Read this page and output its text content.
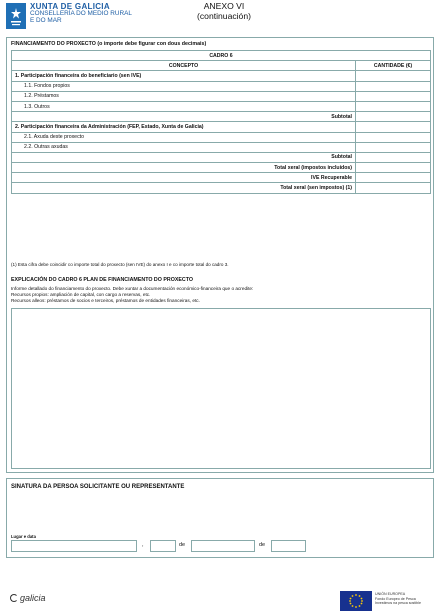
XUNTA DE GALICIA
CONSELLERÍA DO MEDIO RURAL
E DO MAR
ANEXO VI
(continuación)
FINANCIAMENTO DO PROXECTO (o importe debe figurar con dous decimais)
CADRO 6	
CONCEPTO	CANTIDADE (€)
1. Participación financeira do beneficiario (sen IVE)	
1.1. Fondos propios	
1.2. Préstamos	
1.3. Outros	
Subtotal	
2. Participación financeira da Administración (FEP, Estado, Xunta de Galicia)	
2.1. Axuda deste proxecto	
2.2. Outras axudas	
Subtotal	
Total xeral (impostos incluídos)	
IVE Recuperable	
Total xeral (sen impostos) (1)	
(1) Esta cifra debe coincidir co importe total do proxecto (sen IVE) do anexo I e co importe total do cadro 3.
EXPLICACIÓN DO CADRO 6 PLAN DE FINANCIAMENTO DO PROXECTO
Informe detallado do financiamento do proxecto. Debe xuntar a documentación económico-financeira que o acredite:
Recursos propios: ampliación de capital, con cargo a reservas, etc.
Recursos alleos: préstamos de socios e terceiros, préstamos de entidades financeiras, etc.
SINATURA DA PERSOA SOLICITANTE OU REPRESENTANTE
Lugar e data
,	de	de
galicia	UNIÓN EUROPEA
Fondo Europeo de Pesca
Investimos na pesca sostible
